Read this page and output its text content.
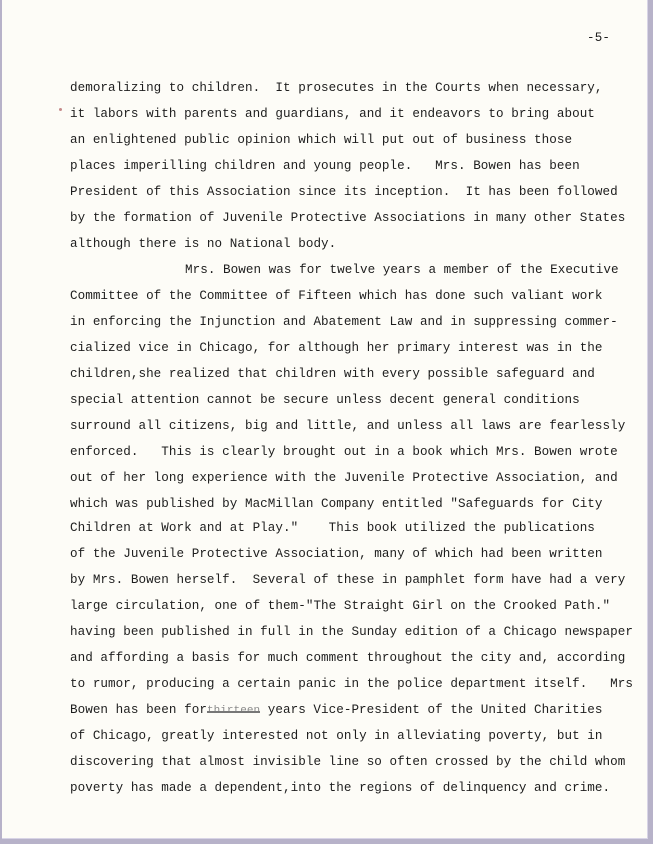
-5-
demoralizing to children.  It prosecutes in the Courts when necessary,
it labors with parents and guardians, and it endeavors to bring about
an enlightened public opinion which will put out of business those
places imperilling children and young people.   Mrs. Bowen has been
President of this Association since its inception.  It has been followed
by the formation of Juvenile Protective Associations in many other States
although there is no National body.
Mrs. Bowen was for twelve years a member of the Executive
Committee of the Committee of Fifteen which has done such valiant work
in enforcing the Injunction and Abatement Law and in suppressing commer-
cialized vice in Chicago, for although her primary interest was in the
children,she realized that children with every possible safeguard and
special attention cannot be secure unless decent general conditions
surround all citizens, big and little, and unless all laws are fearlessly
enforced.   This is clearly brought out in a book which Mrs. Bowen wrote
out of her long experience with the Juvenile Protective Association, and
which was published by MacMillan Company entitled "Safeguards for City
Children at Work and at Play."    This book utilized the publications
of the Juvenile Protective Association, many of which had been written
by Mrs. Bowen herself.  Several of these in pamphlet form have had a very
large circulation, one of them-"The Straight Girl on the Crooked Path."
having been published in full in the Sunday edition of a Chicago newspaper
and affording a basis for much comment throughout the city and, according
to rumor, producing a certain panic in the police department itself.   Mrs
Bowen has been forthirteen years Vice-President of the United Charities
of Chicago, greatly interested not only in alleviating poverty, but in
discovering that almost invisible line so often crossed by the child whom
poverty has made a dependent,into the regions of delinquency and crime.
